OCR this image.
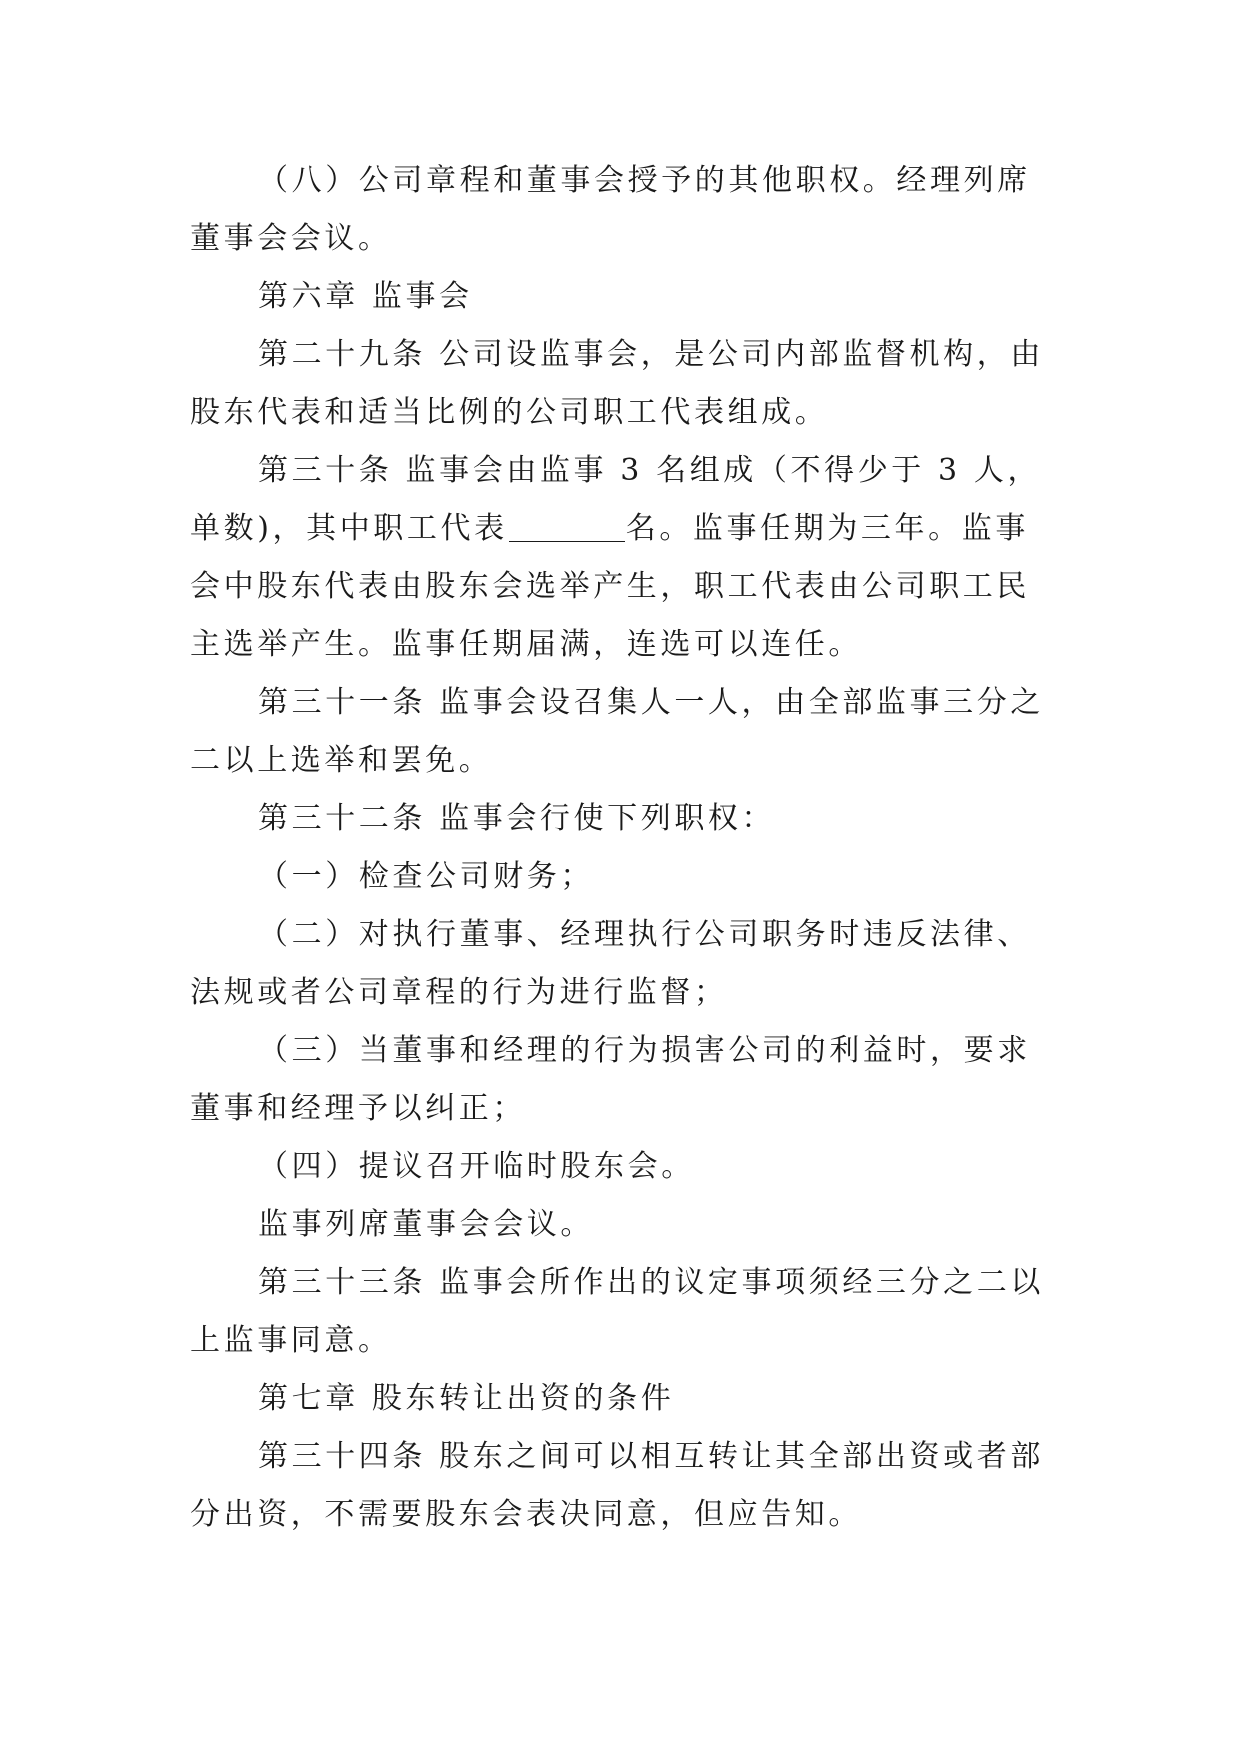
（八）公司章程和董事会授予的其他职权。经理列席董事会会议。

第六章 监事会

第二十九条 公司设监事会，是公司内部监督机构，由股东代表和适当比例的公司职工代表组成。

第三十条 监事会由监事 3 名组成（不得少于 3 人，单数)，其中职工代表	名。监事任期为三年。监事会中股东代表由股东会选举产生，职工代表由公司职工民主选举产生。监事任期届满，连选可以连任。

第三十一条 监事会设召集人一人，由全部监事三分之二以上选举和罢免。

第三十二条 监事会行使下列职权：

（一）检查公司财务；

（二）对执行董事、经理执行公司职务时违反法律、法规或者公司章程的行为进行监督；

（三）当董事和经理的行为损害公司的利益时，要求董事和经理予以纠正；

（四）提议召开临时股东会。

监事列席董事会会议。

第三十三条 监事会所作出的议定事项须经三分之二以上监事同意。

第七章 股东转让出资的条件

第三十四条 股东之间可以相互转让其全部出资或者部分出资，不需要股东会表决同意，但应告知。
